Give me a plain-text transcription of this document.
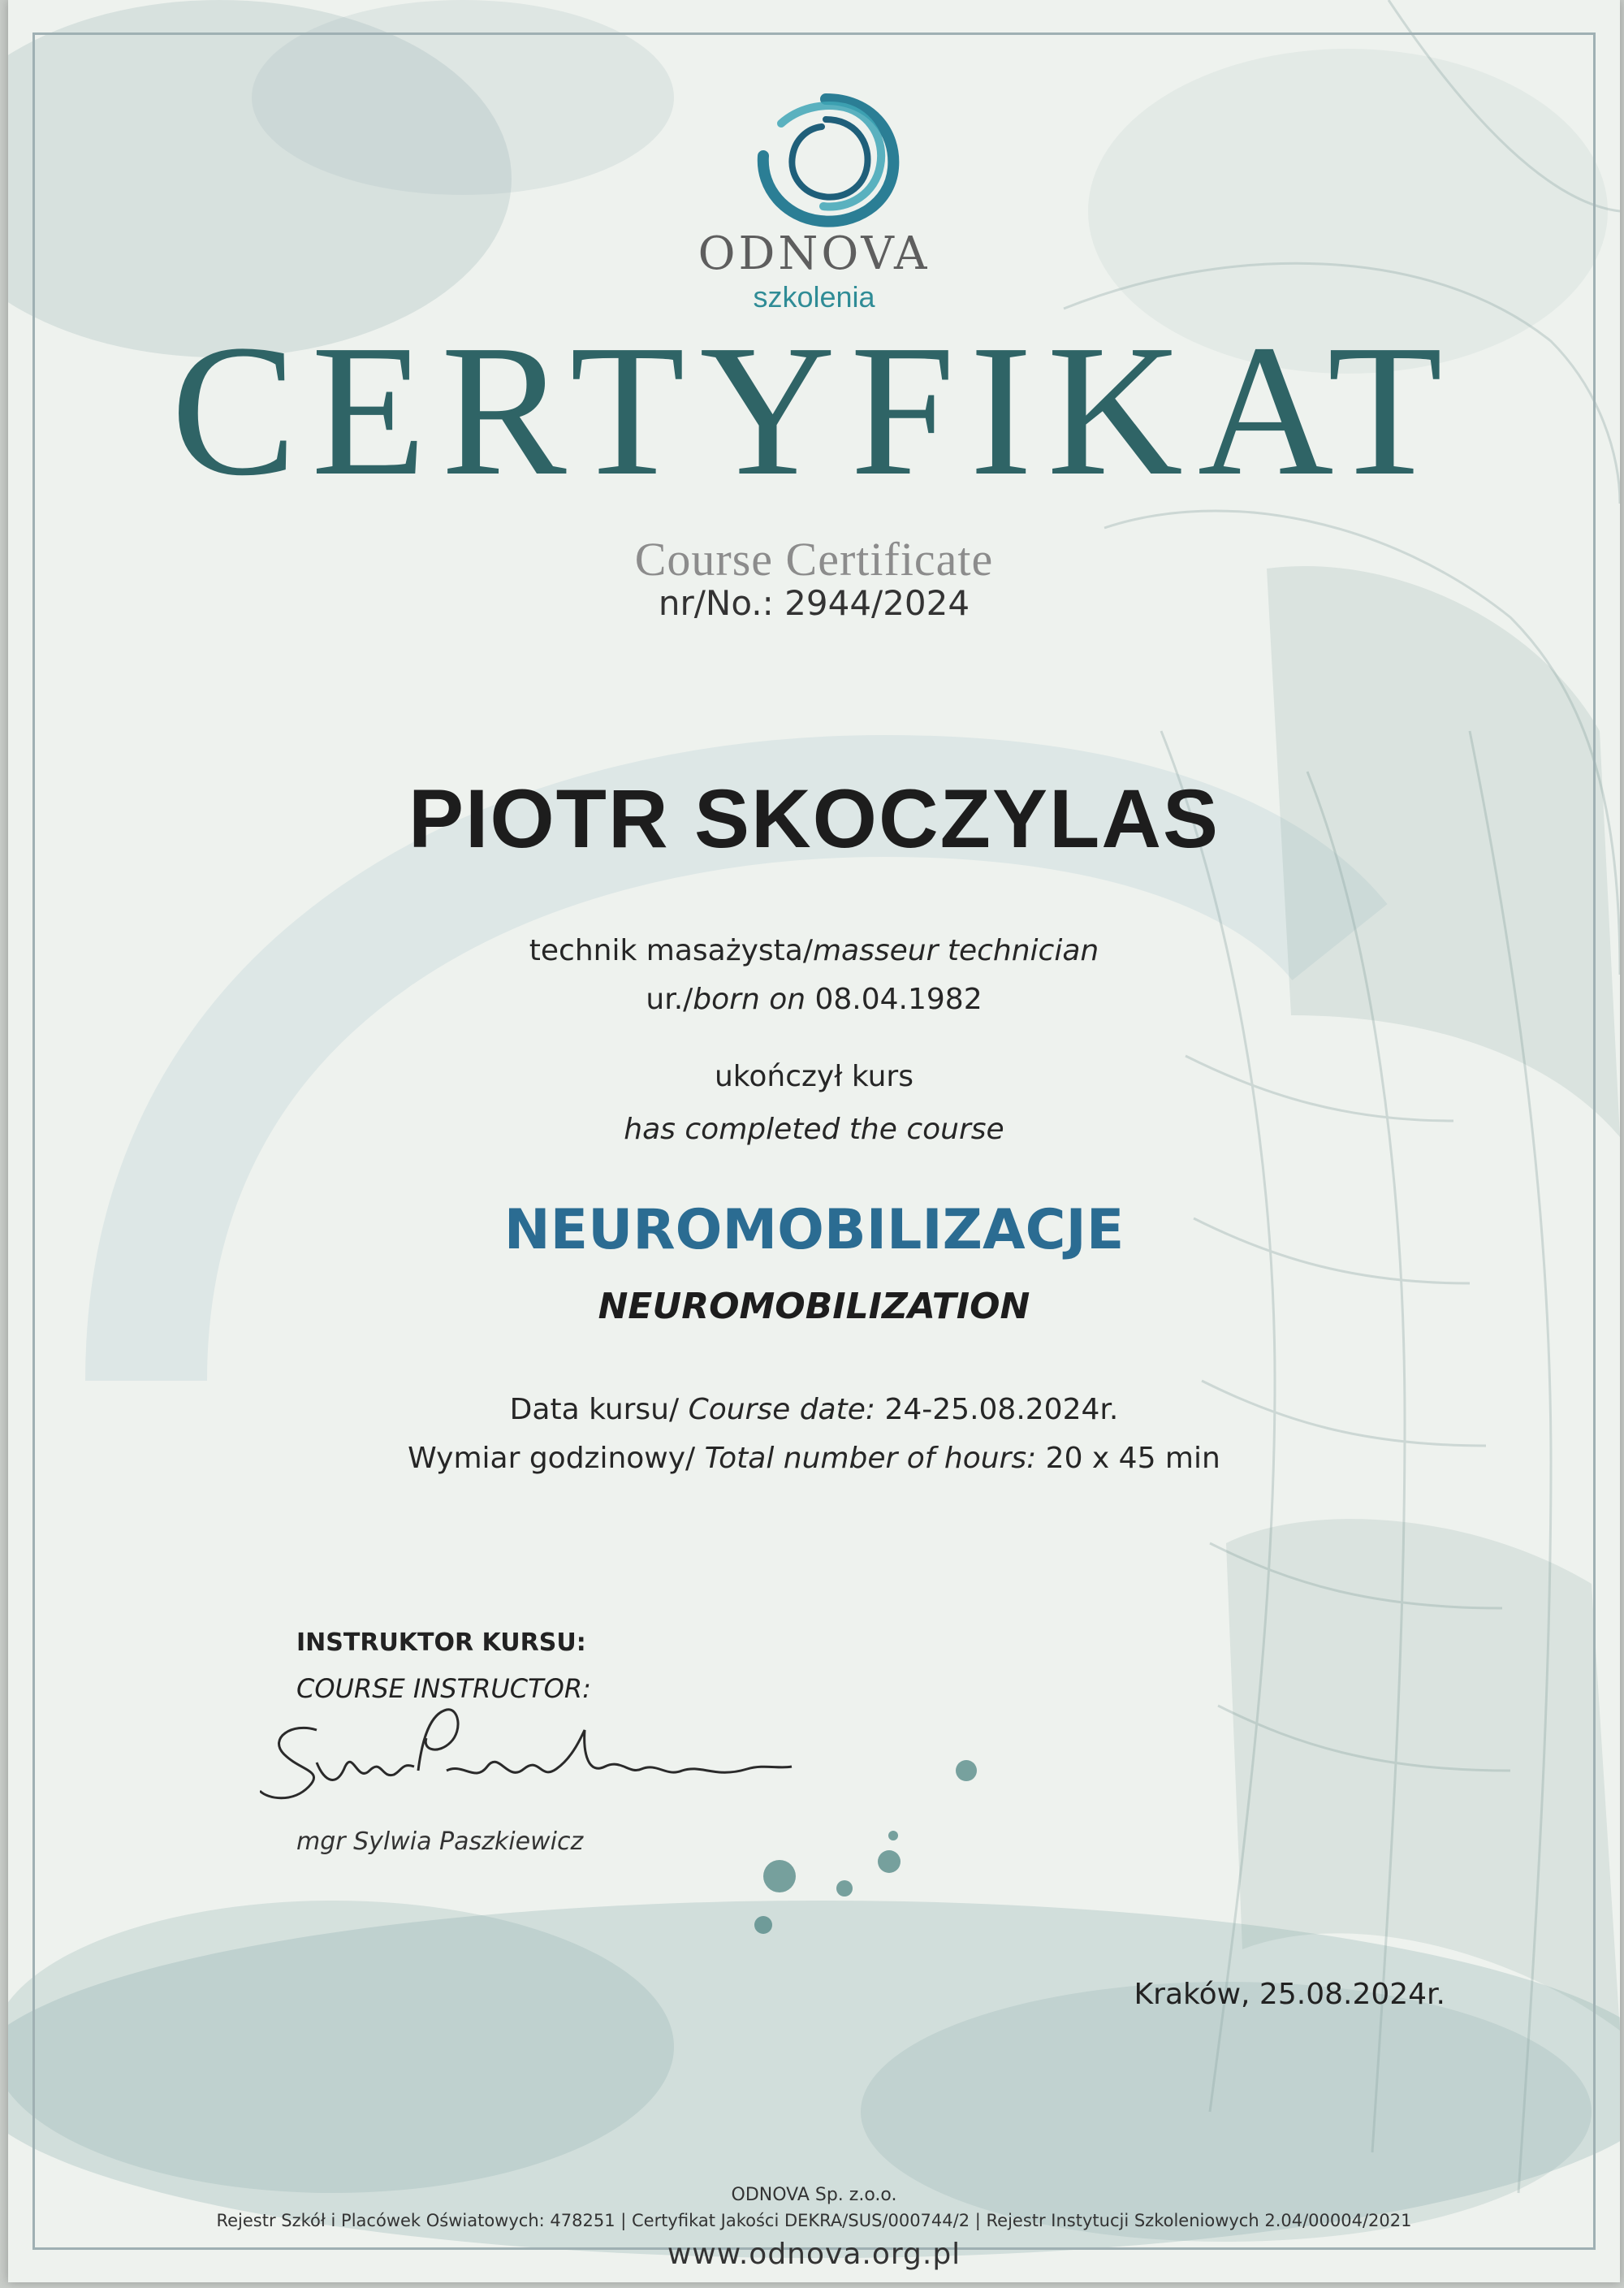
ODNOVA
szkolenia
CERTYFIKAT
Course Certificate
nr/No.: 2944/2024
PIOTR SKOCZYLAS
technik masażysta/masseur technician
ur./born on 08.04.1982
ukończył kurs
has completed the course
NEUROMOBILIZACJE
NEUROMOBILIZATION
Data kursu/ Course date: 24-25.08.2024r.
Wymiar godzinowy/ Total number of hours: 20 x 45 min
INSTRUKTOR KURSU:
COURSE INSTRUCTOR:
mgr Sylwia Paszkiewicz
Kraków, 25.08.2024r.
ODNOVA Sp. z.o.o.
Rejestr Szkół i Placówek Oświatowych: 478251 | Certyfikat Jakości DEKRA/SUS/000744/2 | Rejestr Instytucji Szkoleniowych 2.04/00004/2021
www.odnova.org.pl
